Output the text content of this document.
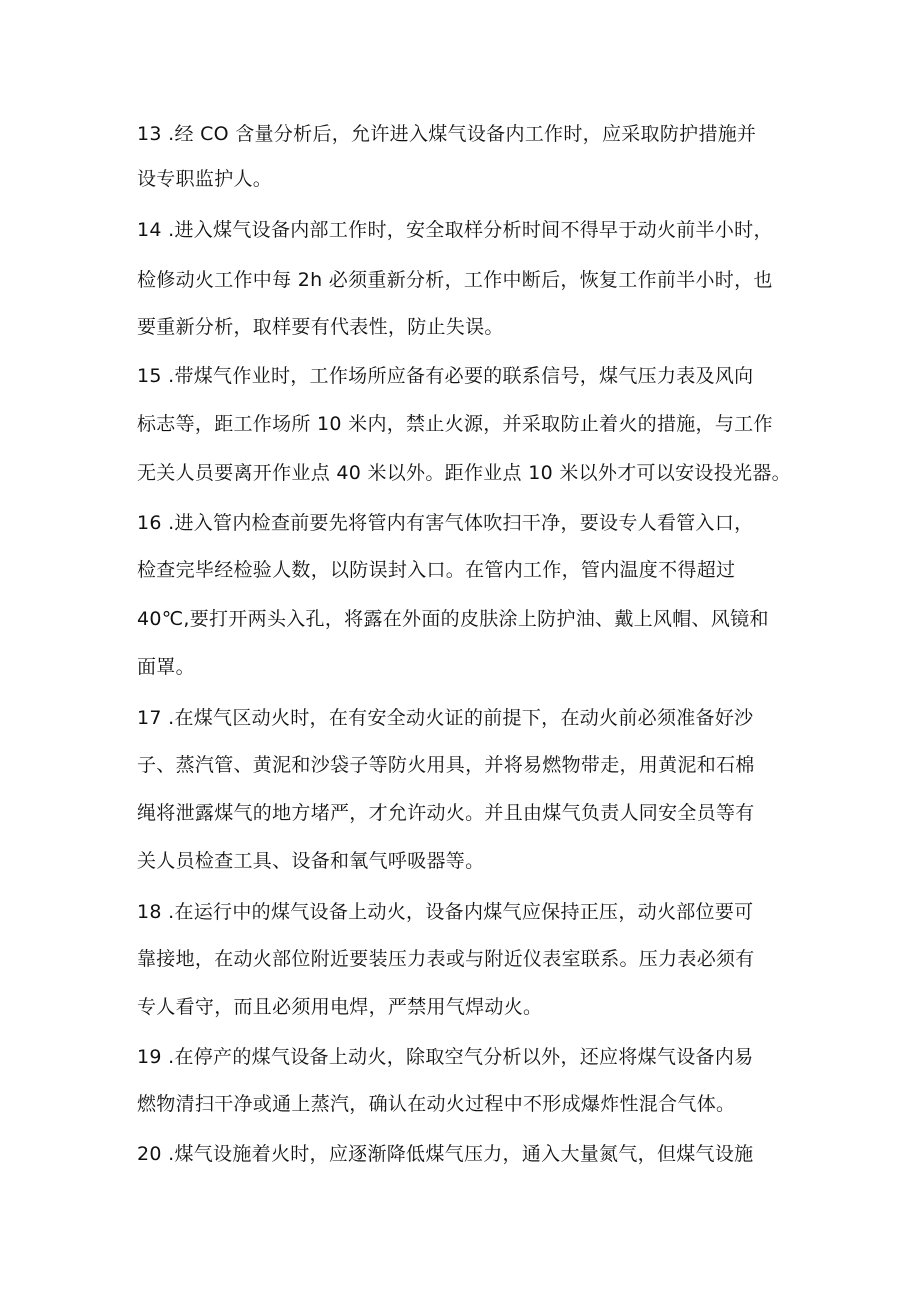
13 .经 CO 含量分析后，允许进入煤气设备内工作时，应采取防护措施并
设专职监护人。
14 .进入煤气设备内部工作时，安全取样分析时间不得早于动火前半小时，
检修动火工作中每 2h 必须重新分析，工作中断后，恢复工作前半小时，也
要重新分析，取样要有代表性，防止失误。
15 .带煤气作业时，工作场所应备有必要的联系信号，煤气压力表及风向
标志等，距工作场所 10 米内，禁止火源，并采取防止着火的措施，与工作
无关人员要离开作业点 40 米以外。距作业点 10 米以外才可以安设投光器。
16 .进入管内检查前要先将管内有害气体吹扫干净，要设专人看管入口，
检查完毕经检验人数，以防误封入口。在管内工作，管内温度不得超过
40℃,要打开两头入孔，将露在外面的皮肤涂上防护油、戴上风帽、风镜和
面罩。
17 .在煤气区动火时，在有安全动火证的前提下，在动火前必须准备好沙
子、蒸汽管、黄泥和沙袋子等防火用具，并将易燃物带走，用黄泥和石棉
绳将泄露煤气的地方堵严，才允许动火。并且由煤气负责人同安全员等有
关人员检查工具、设备和氧气呼吸器等。
18 .在运行中的煤气设备上动火，设备内煤气应保持正压，动火部位要可
靠接地，在动火部位附近要装压力表或与附近仪表室联系。压力表必须有
专人看守，而且必须用电焊，严禁用气焊动火。
19 .在停产的煤气设备上动火，除取空气分析以外，还应将煤气设备内易
燃物清扫干净或通上蒸汽，确认在动火过程中不形成爆炸性混合气体。
20 .煤气设施着火时，应逐渐降低煤气压力，通入大量氮气，但煤气设施
